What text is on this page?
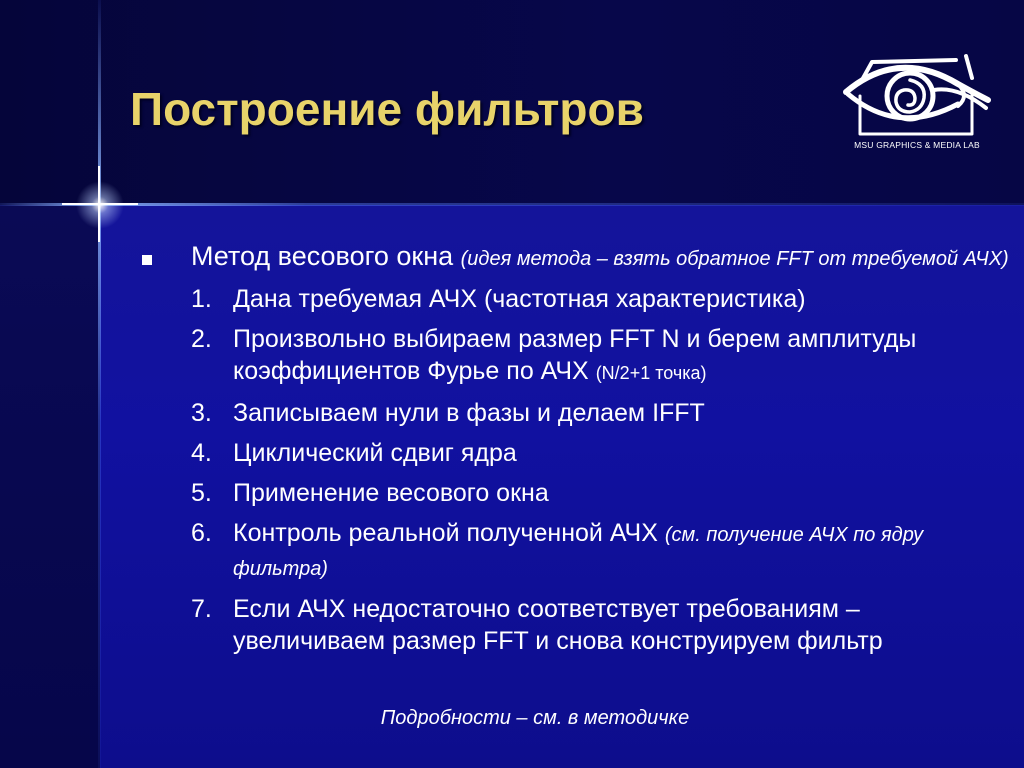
Построение фильтров
MSU GRAPHICS & MEDIA LAB
Метод весового окна (идея метода – взять обратное FFT от требуемой АЧХ)
1. Дана требуемая АЧХ (частотная характеристика)
2. Произвольно выбираем размер FFT N и берем амплитуды коэффициентов Фурье по АЧХ (N/2+1 точка)
3. Записываем нули в фазы и делаем IFFT
4. Циклический сдвиг ядра
5. Применение весового окна
6. Контроль реальной полученной АЧХ (см. получение АЧХ по ядру фильтра)
7. Если АЧХ недостаточно соответствует требованиям – увеличиваем размер FFT и снова конструируем фильтр
Подробности – см. в методичке
